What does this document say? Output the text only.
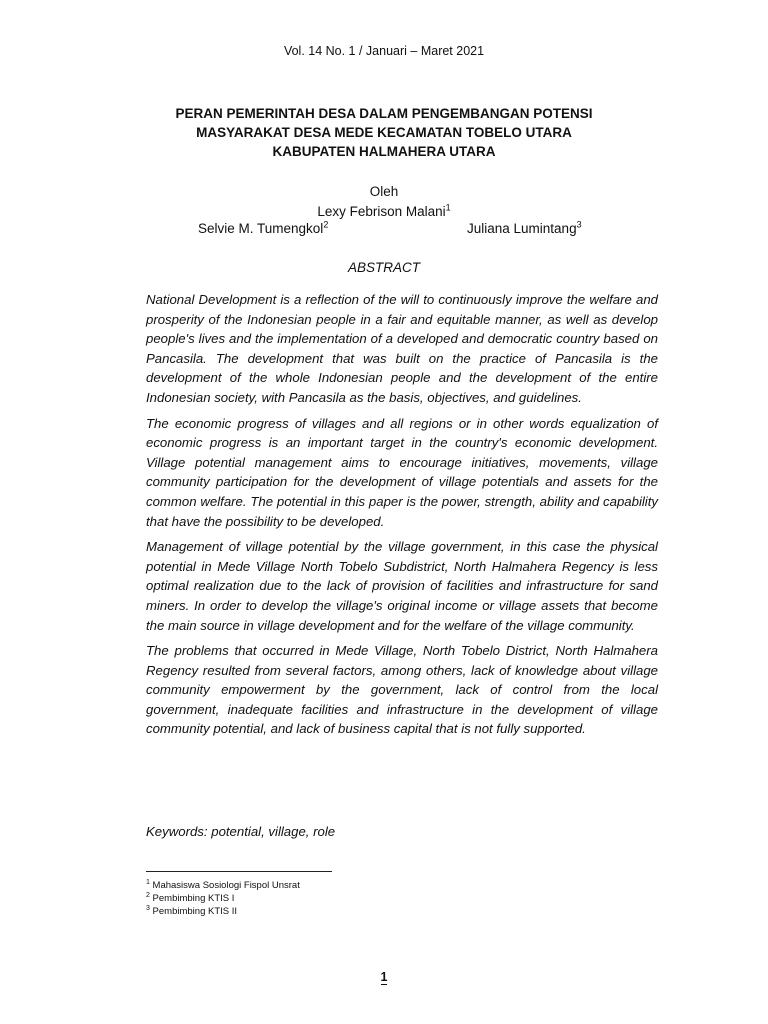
Vol. 14 No. 1 / Januari – Maret 2021
PERAN PEMERINTAH DESA DALAM PENGEMBANGAN POTENSI
MASYARAKAT DESA MEDE KECAMATAN TOBELO UTARA
KABUPATEN HALMAHERA UTARA
Oleh
Lexy Febrison Malani$^1$
Selvie M. Tumengkol$^2$	Juliana Lumintang$^3$
ABSTRACT

National Development is a reflection of the will to continuously improve the welfare and prosperity of the Indonesian people in a fair and equitable manner, as well as develop people's lives and the implementation of a developed and democratic country based on Pancasila. The development that was built on the practice of Pancasila is the development of the whole Indonesian people and the development of the entire Indonesian society, with Pancasila as the basis, objectives, and guidelines.

The economic progress of villages and all regions or in other words equalization of economic progress is an important target in the country's economic development. Village potential management aims to encourage initiatives, movements, village community participation for the development of village potentials and assets for the common welfare. The potential in this paper is the power, strength, ability and capability that have the possibility to be developed.

Management of village potential by the village government, in this case the physical potential in Mede Village North Tobelo Subdistrict, North Halmahera Regency is less optimal realization due to the lack of provision of facilities and infrastructure for sand miners. In order to develop the village's original income or village assets that become the main source in village development and for the welfare of the village community.

The problems that occurred in Mede Village, North Tobelo District, North Halmahera Regency resulted from several factors, among others, lack of knowledge about village community empowerment by the government, lack of control from the local government, inadequate facilities and infrastructure in the development of village community potential, and lack of business capital that is not fully supported.

Keywords: potential, village, role
$^1$ Mahasiswa Sosiologi Fispol Unsrat
$^2$ Pembimbing KTIS I
$^3$ Pembimbing KTIS II
1
